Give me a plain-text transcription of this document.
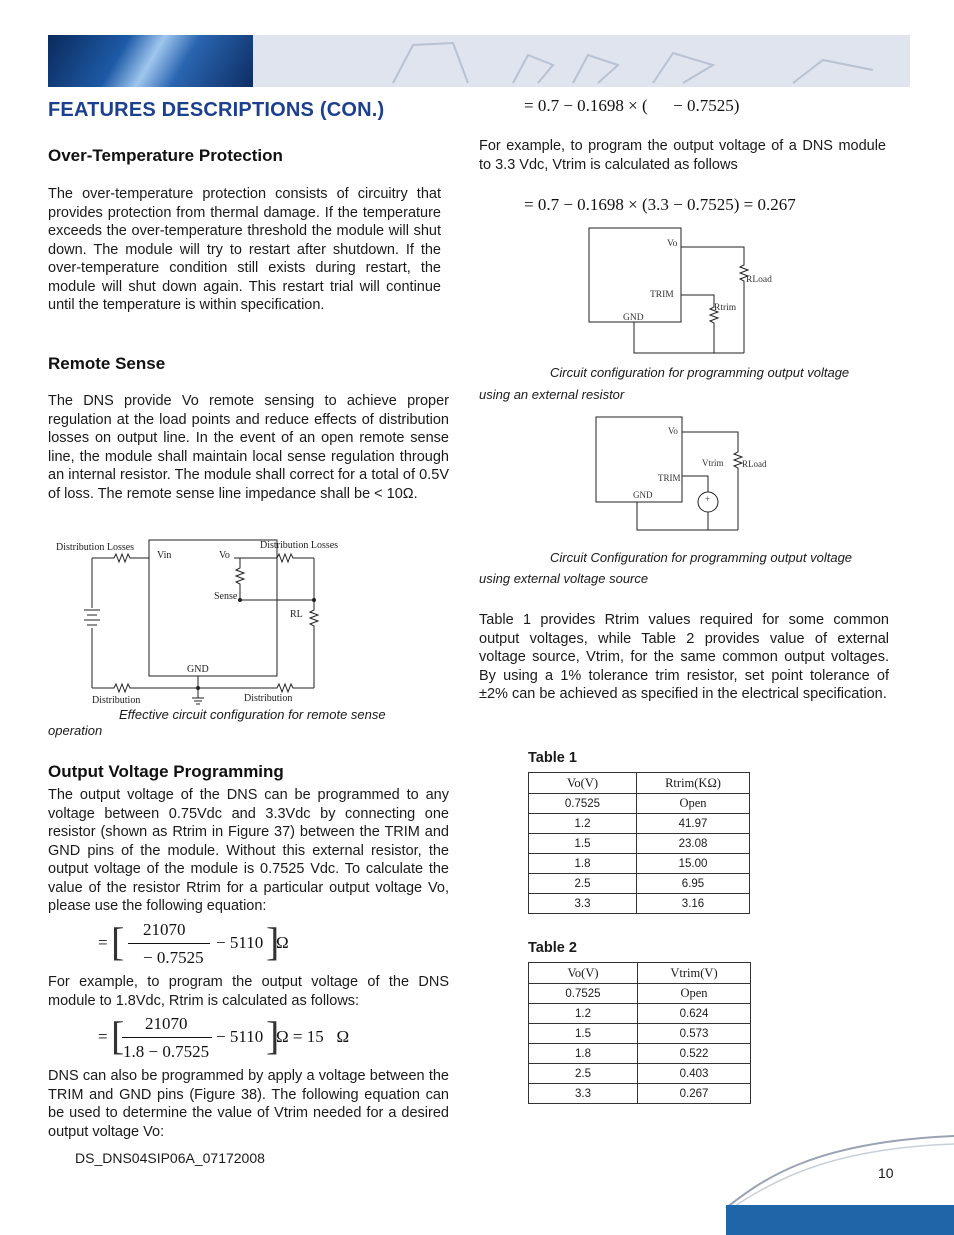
FEATURES DESCRIPTIONS (CON.)
Over-Temperature Protection
The over-temperature protection consists of circuitry that provides protection from thermal damage. If the temperature exceeds the over-temperature threshold the module will shut down. The module will try to restart after shutdown. If the over-temperature condition still exists during restart, the module will shut down again. This restart trial will continue until the temperature is within specification.
Remote Sense
The DNS provide Vo remote sensing to achieve proper regulation at the load points and reduce effects of distribution losses on output line. In the event of an open remote sense line, the module shall maintain local sense regulation through an internal resistor. The module shall correct for a total of 0.5V of loss. The remote sense line impedance shall be < 10Ω.
Distribution Losses	Distribution Losses
Vin	Vo
Sense
RL
GND
Distribution	Distribution
Effective circuit configuration for remote sense
operation
Output Voltage Programming
The output voltage of the DNS can be programmed to any voltage between 0.75Vdc and 3.3Vdc by connecting one resistor (shown as Rtrim in Figure 37) between the TRIM and GND pins of the module. Without this external resistor, the output voltage of the module is 0.7525 Vdc. To calculate the value of the resistor Rtrim for a particular output voltage Vo, please use the following equation:
= [ 21070
− 0.7525
− 5110 ]
Ω
For example, to program the output voltage of the DNS module to 1.8Vdc, Rtrim is calculated as follows:
= [ 21070
1.8 − 0.7525
− 5110 ]
Ω = 15   Ω
DNS can also be programmed by apply a voltage between the TRIM and GND pins (Figure 38). The following equation can be used to determine the value of Vtrim needed for a desired output voltage Vo:
= 0.7 − 0.1698 × (      − 0.7525)
For example, to program the output voltage of a DNS module to 3.3 Vdc, Vtrim is calculated as follows
= 0.7 − 0.1698 × (3.3 − 0.7525) = 0.267
Vo
RLoad
TRIM
Rtrim
GND
Circuit configuration for programming output voltage
using an external resistor
Vo
Vtrim RLoad
TRIM
GND	+
Circuit Configuration for programming output voltage
using external voltage source
Table 1 provides Rtrim values required for some common output voltages, while Table 2 provides value of external voltage source, Vtrim, for the same common output voltages. By using a 1% tolerance trim resistor, set point tolerance of ±2% can be achieved as specified in the electrical specification.
Table 1
Vo(V)	Rtrim(KΩ)
0.7525	Open
1.2	41.97
1.5	23.08
1.8	15.00
2.5	6.95
3.3	3.16
Table 2
Vo(V)	Vtrim(V)
0.7525	Open
1.2	0.624
1.5	0.573
1.8	0.522
2.5	0.403
3.3	0.267
DS_DNS04SIP06A_07172008
10
